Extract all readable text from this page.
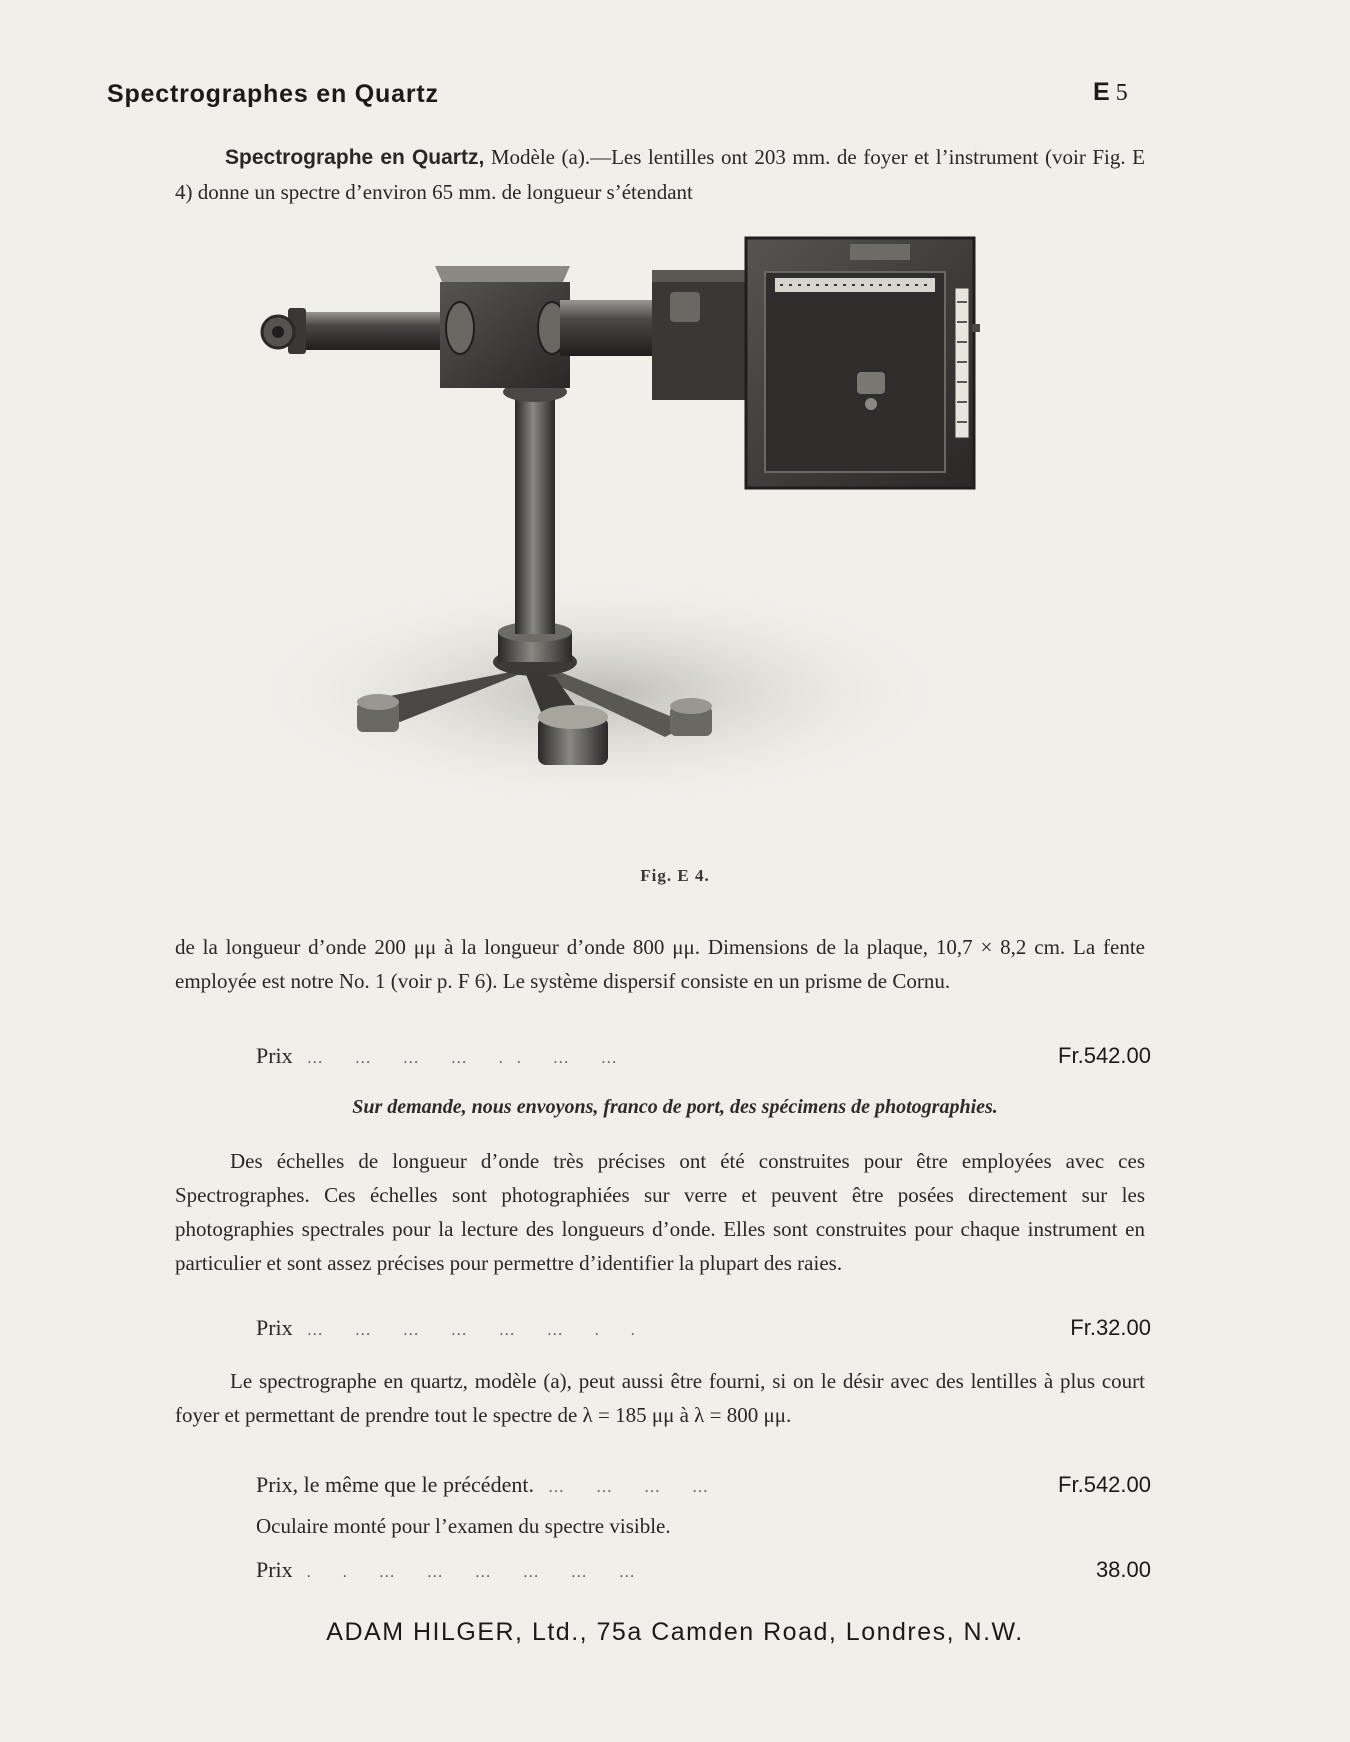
Spectrographes en Quartz	E 5
Spectrographe en Quartz, Modèle (a).—Les lentilles ont 203 mm. de foyer et l’instrument (voir Fig. E 4) donne un spectre d’environ 65 mm. de longueur s’étendant
Fig. E 4.
de la longueur d’onde 200 μμ à la longueur d’onde 800 μμ. Dimensions de la plaque, 10,7 × 8,2 cm. La fente employée est notre No. 1 (voir p. F 6). Le système dispersif consiste en un prisme de Cornu.
Prix … … … … .. … …	Fr.542.00
Sur demande, nous envoyons, franco de port, des spécimens de photographies.
Des échelles de longueur d’onde très précises ont été construites pour être employées avec ces Spectrographes. Ces échelles sont photographiées sur verre et peuvent être posées directement sur les photographies spectrales pour la lecture des longueurs d’onde. Elles sont construites pour chaque instrument en particulier et sont assez précises pour permettre d’identifier la plupart des raies.
Prix … … … … … … . .	Fr.32.00
Le spectrographe en quartz, modèle (a), peut aussi être fourni, si on le désir avec des lentilles à plus court foyer et permettant de prendre tout le spectre de λ = 185 μμ à λ = 800 μμ.
Prix, le même que le précédent. … … … …	Fr.542.00
Oculaire monté pour l’examen du spectre visible.
Prix . . … … … … … …	38.00
ADAM HILGER, Ltd., 75a Camden Road, Londres, N.W.
